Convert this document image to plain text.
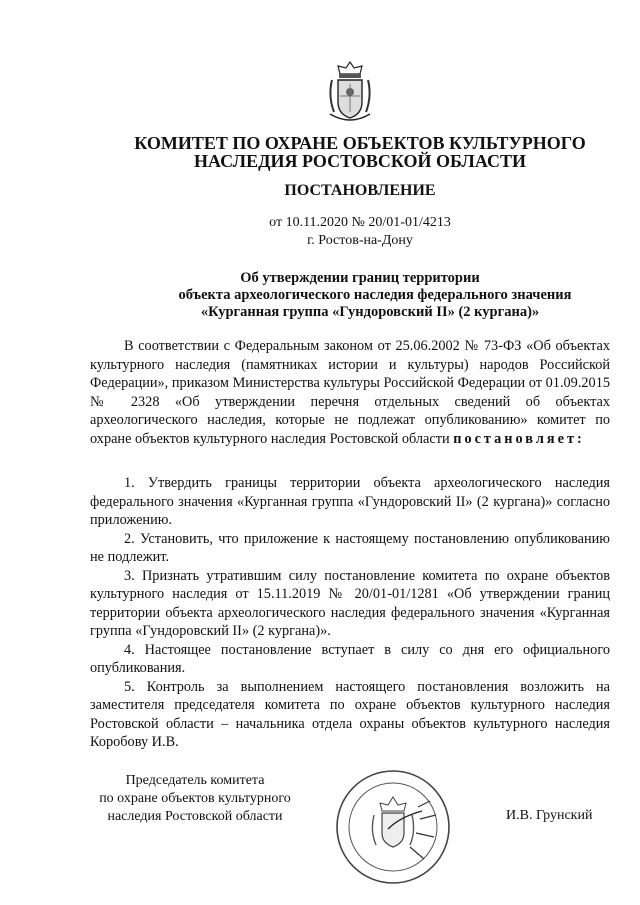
КОМИТЕТ ПО ОХРАНЕ ОБЪЕКТОВ КУЛЬТУРНОГО
НАСЛЕДИЯ РОСТОВСКОЙ ОБЛАСТИ
ПОСТАНОВЛЕНИЕ
от 10.11.2020 № 20/01-01/4213
г. Ростов-на-Дону
Об утверждении границ территории
объекта археологического наследия федерального значения
«Курганная группа «Гундоровский II» (2 кургана)»

В соответствии с Федеральным законом от 25.06.2002 № 73-ФЗ «Об объектах культурного наследия (памятниках истории и культуры) народов Российской Федерации», приказом Министерства культуры Российской Федерации от 01.09.2015 № 2328 «Об утверждении перечня отдельных сведений об объектах археологического наследия, которые не подлежат опубликованию» комитет по охране объектов культурного наследия Ростовской области постановляет:

1. Утвердить границы территории объекта археологического наследия федерального значения «Курганная группа «Гундоровский II» (2 кургана)» согласно приложению.

2. Установить, что приложение к настоящему постановлению опубликованию не подлежит.

3. Признать утратившим силу постановление комитета по охране объектов культурного наследия от 15.11.2019 № 20/01-01/1281 «Об утверждении границ территории объекта археологического наследия федерального значения «Курганная группа «Гундоровский II» (2 кургана)».

4. Настоящее постановление вступает в силу со дня его официального опубликования.

5. Контроль за выполнением настоящего постановления возложить на заместителя председателя комитета по охране объектов культурного наследия Ростовской области – начальника отдела охраны объектов культурного наследия Коробову И.В.

Председатель комитета
по охране объектов культурного
наследия Ростовской области	И.В. Грунский
